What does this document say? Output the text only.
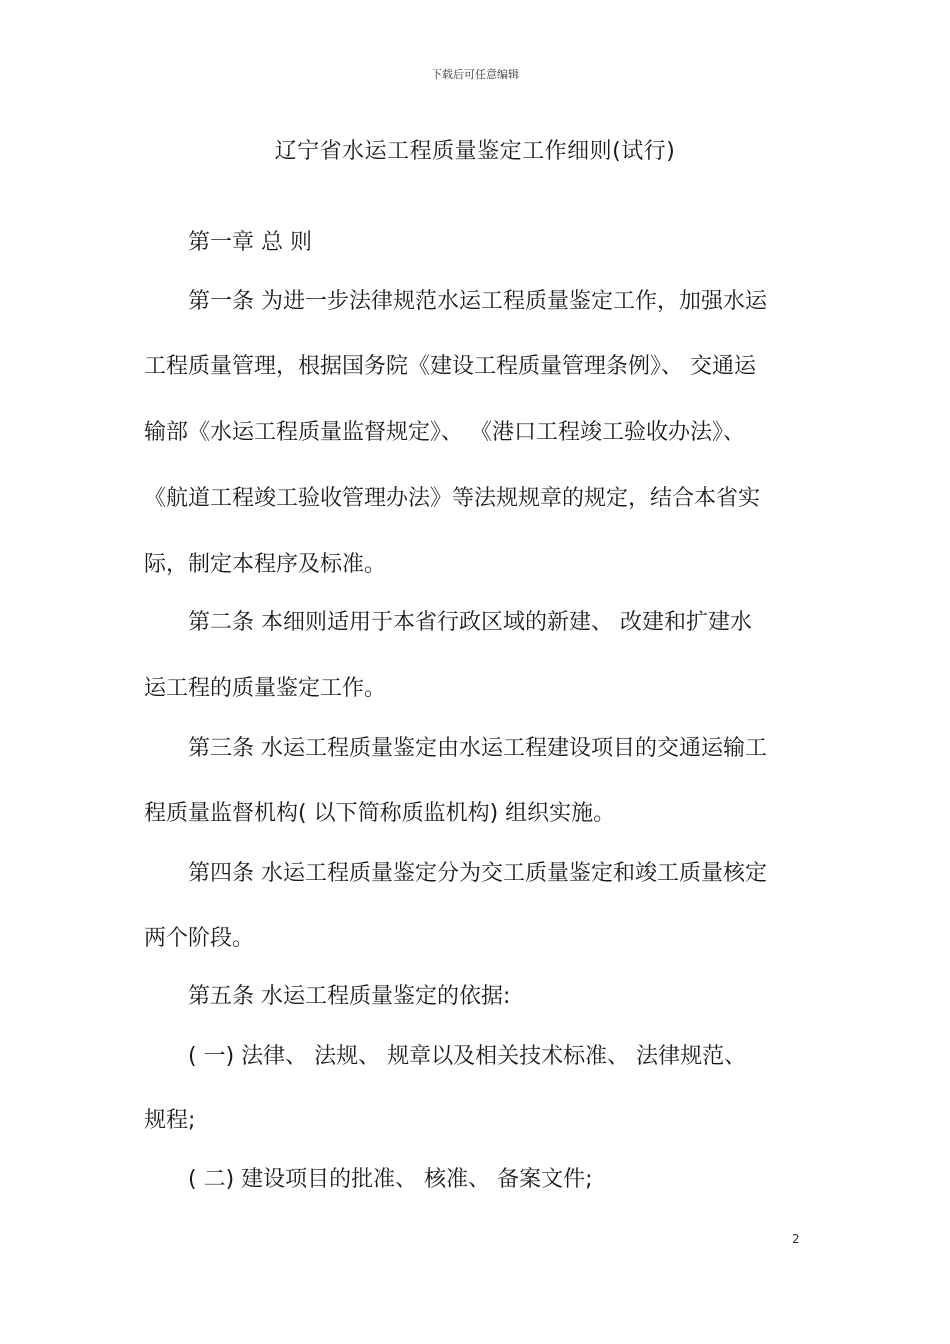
下载后可任意编辑
辽宁省水运工程质量鉴定工作细则(试行)
　　第一章 总 则
　　第一条 为进一步法律规范水运工程质量鉴定工作，加强水运
工程质量管理，根据国务院《建设工程质量管理条例》、 交通运
输部《水运工程质量监督规定》、 《港口工程竣工验收办法》、
《航道工程竣工验收管理办法》等法规规章的规定，结合本省实
际，制定本程序及标准。
　　第二条 本细则适用于本省行政区域的新建、 改建和扩建水
运工程的质量鉴定工作。
　　第三条 水运工程质量鉴定由水运工程建设项目的交通运输工
程质量监督机构( 以下简称质监机构) 组织实施。
　　第四条 水运工程质量鉴定分为交工质量鉴定和竣工质量核定
两个阶段。
　　第五条 水运工程质量鉴定的依据:
　　( 一) 法律、 法规、 规章以及相关技术标准、 法律规范、
规程;
　　( 二) 建设项目的批准、 核准、 备案文件;
2
